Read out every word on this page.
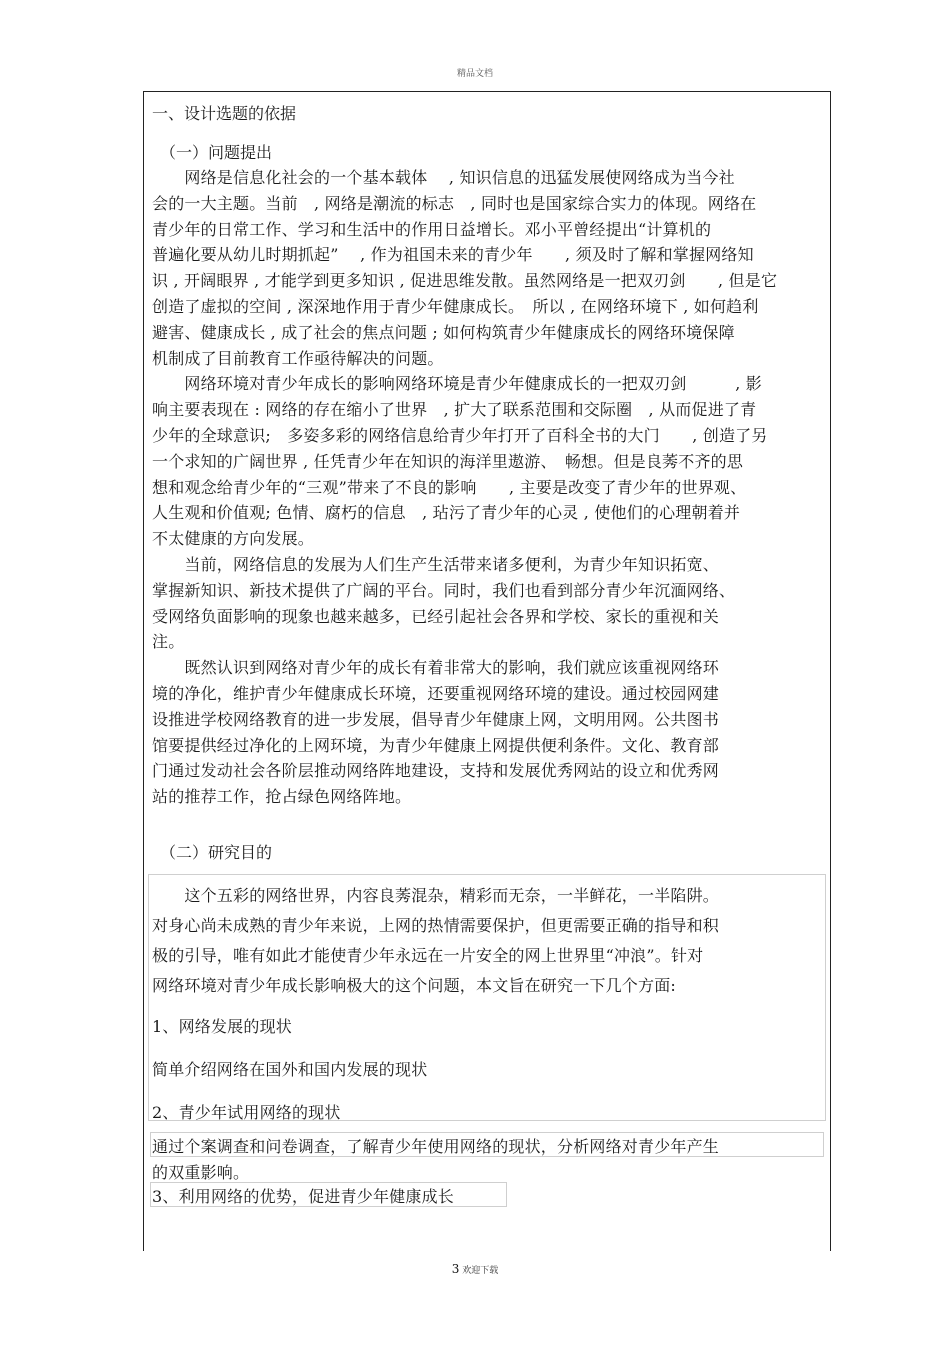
精品文档
一、设计选题的依据
（一）问题提出
　　网络是信息化社会的一个基本载体　 , 知识信息的迅猛发展使网络成为当今社
会的一大主题。当前　, 网络是潮流的标志　, 同时也是国家综合实力的体现。网络在
青少年的日常工作、学习和生活中的作用日益增长。邓小平曾经提出“计算机的
普遍化要从幼儿时期抓起”　 , 作为祖国未来的青少年　　, 须及时了解和掌握网络知
识 , 开阔眼界 , 才能学到更多知识 , 促进思维发散。虽然网络是一把双刃剑　　, 但是它
创造了虚拟的空间 , 深深地作用于青少年健康成长。　所以 , 在网络环境下 , 如何趋利
避害、健康成长 , 成了社会的焦点问题 ; 如何构筑青少年健康成长的网络环境保障
机制成了目前教育工作亟待解决的问题。
　　网络环境对青少年成长的影响网络环境是青少年健康成长的一把双刃剑　　　, 影
响主要表现在 : 网络的存在缩小了世界　, 扩大了联系范围和交际圈　, 从而促进了青
少年的全球意识;　多姿多彩的网络信息给青少年打开了百科全书的大门　　, 创造了另
一个求知的广阔世界 , 任凭青少年在知识的海洋里遨游、　畅想。但是良莠不齐的思
想和观念给青少年的“三观”带来了不良的影响　　, 主要是改变了青少年的世界观、
人生观和价值观; 色情、腐朽的信息　, 玷污了青少年的心灵 , 使他们的心理朝着并
不太健康的方向发展。
　　当前，网络信息的发展为人们生产生活带来诸多便利，为青少年知识拓宽、
掌握新知识、新技术提供了广阔的平台。同时，我们也看到部分青少年沉湎网络、
受网络负面影响的现象也越来越多，已经引起社会各界和学校、家长的重视和关
注。
　　既然认识到网络对青少年的成长有着非常大的影响，我们就应该重视网络环
境的净化，维护青少年健康成长环境，还要重视网络环境的建设。通过校园网建
设推进学校网络教育的进一步发展，倡导青少年健康上网，文明用网。公共图书
馆要提供经过净化的上网环境，为青少年健康上网提供便利条件。文化、教育部
门通过发动社会各阶层推动网络阵地建设，支持和发展优秀网站的设立和优秀网
站的推荐工作，抢占绿色网络阵地。
（二）研究目的
　　这个五彩的网络世界，内容良莠混杂，精彩而无奈，一半鲜花，一半陷阱。
对身心尚未成熟的青少年来说，上网的热情需要保护，但更需要正确的指导和积
极的引导，唯有如此才能使青少年永远在一片安全的网上世界里“冲浪”。针对
网络环境对青少年成长影响极大的这个问题，本文旨在研究一下几个方面:
1、网络发展的现状
简单介绍网络在国外和国内发展的现状
2、青少年试用网络的现状
通过个案调查和问卷调查，了解青少年使用网络的现状，分析网络对青少年产生
的双重影响。
3、利用网络的优势，促进青少年健康成长
3 欢迎下载
